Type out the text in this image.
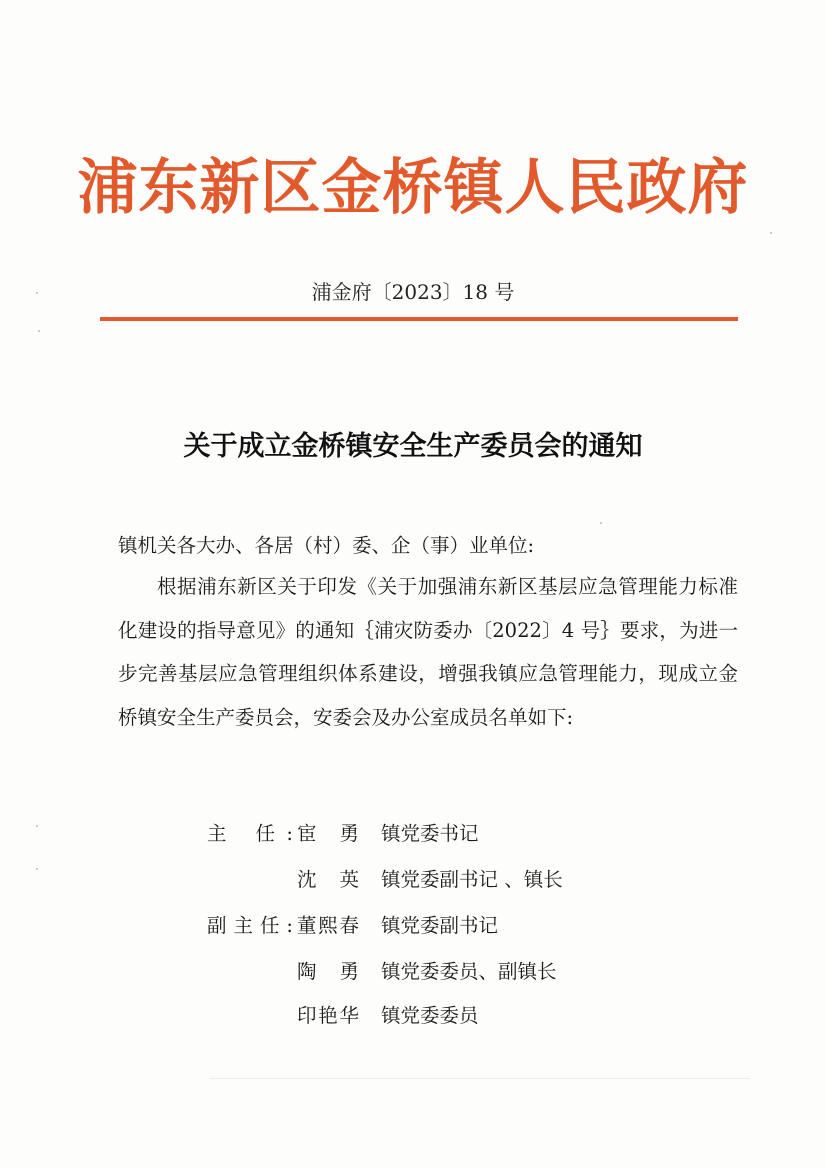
浦东新区金桥镇人民政府
浦金府〔2023〕18 号
关于成立金桥镇安全生产委员会的通知
镇机关各大办、各居（村）委、企（事）业单位:
根据浦东新区关于印发《关于加强浦东新区基层应急管理能力标准化建设的指导意见》的通知｛浦灾防委办〔2022〕4 号｝要求，为进一步完善基层应急管理组织体系建设，增强我镇应急管理能力，现成立金桥镇安全生产委员会，安委会及办公室成员名单如下:
主 任: 宦 勇 镇党委书记
沈 英 镇党委副书记 、镇长
副主任: 董熙春 镇党委副书记
陶 勇 镇党委委员、副镇长
印艳华 镇党委委员
